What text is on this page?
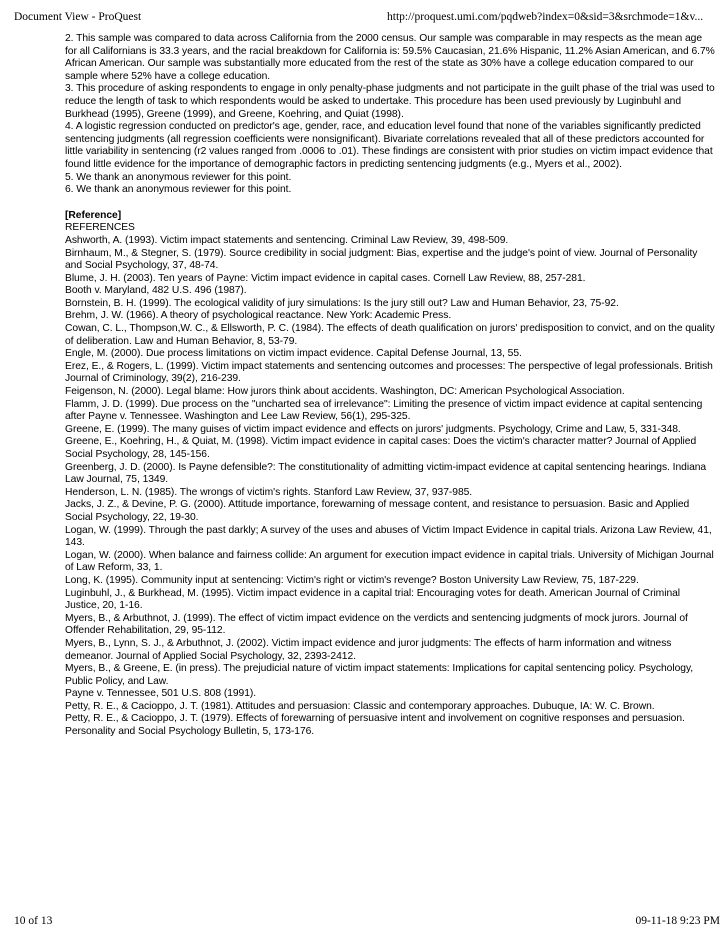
Document View - ProQuest	http://proquest.umi.com/pqdweb?index=0&sid=3&srchmode=1&v...

2. This sample was compared to data across California from the 2000 census. Our sample was comparable in may respects as the mean age for all Californians is 33.3 years, and the racial breakdown for California is: 59.5% Caucasian, 21.6% Hispanic, 11.2% Asian American, and 6.7% African American. Our sample was substantially more educated from the rest of the state as 30% have a college education compared to our sample where 52% have a college education.

3. This procedure of asking respondents to engage in only penalty-phase judgments and not participate in the guilt phase of the trial was used to reduce the length of task to which respondents would be asked to undertake. This procedure has been used previously by Luginbuhl and Burkhead (1995), Greene (1999), and Greene, Koehring, and Quiat (1998).

4. A logistic regression conducted on predictor's age, gender, race, and education level found that none of the variables significantly predicted sentencing judgments (all regression coefficients were nonsignificant). Bivariate correlations revealed that all of these predictors accounted for little variability in sentencing (r2 values ranged from .0006 to .01). These findings are consistent with prior studies on victim impact evidence that found little evidence for the importance of demographic factors in predicting sentencing judgments (e.g., Myers et al., 2002).

5. We thank an anonymous reviewer for this point.

6. We thank an anonymous reviewer for this point.

[Reference]

REFERENCES

Ashworth, A. (1993). Victim impact statements and sentencing. Criminal Law Review, 39, 498-509.

Birnhaum, M., & Stegner, S. (1979). Source credibility in social judgment: Bias, expertise and the judge's point of view. Journal of Personality and Social Psychology, 37, 48-74.

Blume, J. H. (2003). Ten years of Payne: Victim impact evidence in capital cases. Cornell Law Review, 88, 257-281.

Booth v. Maryland, 482 U.S. 496 (1987).

Bornstein, B. H. (1999). The ecological validity of jury simulations: Is the jury still out? Law and Human Behavior, 23, 75-92.

Brehm, J. W. (1966). A theory of psychological reactance. New York: Academic Press.

Cowan, C. L., Thompson,W. C., & Ellsworth, P. C. (1984). The effects of death qualification on jurors' predisposition to convict, and on the quality of deliberation. Law and Human Behavior, 8, 53-79.

Engle, M. (2000). Due process limitations on victim impact evidence. Capital Defense Journal, 13, 55.

Erez, E., & Rogers, L. (1999). Victim impact statements and sentencing outcomes and processes: The perspective of legal professionals. British Journal of Criminology, 39(2), 216-239.

Feigenson, N. (2000). Legal blame: How jurors think about accidents. Washington, DC: American Psychological Association.

Flamm, J. D. (1999). Due process on the "uncharted sea of irrelevance": Limiting the presence of victim impact evidence at capital sentencing after Payne v. Tennessee. Washington and Lee Law Review, 56(1), 295-325.

Greene, E. (1999). The many guises of victim impact evidence and effects on jurors' judgments. Psychology, Crime and Law, 5, 331-348.

Greene, E., Koehring, H., & Quiat, M. (1998). Victim impact evidence in capital cases: Does the victim's character matter? Journal of Applied Social Psychology, 28, 145-156.

Greenberg, J. D. (2000). Is Payne defensible?: The constitutionality of admitting victim-impact evidence at capital sentencing hearings. Indiana Law Journal, 75, 1349.

Henderson, L. N. (1985). The wrongs of victim's rights. Stanford Law Review, 37, 937-985.

Jacks, J. Z., & Devine, P. G. (2000). Attitude importance, forewarning of message content, and resistance to persuasion. Basic and Applied Social Psychology, 22, 19-30.

Logan, W. (1999). Through the past darkly; A survey of the uses and abuses of Victim Impact Evidence in capital trials. Arizona Law Review, 41, 143.

Logan, W. (2000). When balance and fairness collide: An argument for execution impact evidence in capital trials. University of Michigan Journal of Law Reform, 33, 1.

Long, K. (1995). Community input at sentencing: Victim's right or victim's revenge? Boston University Law Review, 75, 187-229.

Luginbuhl, J., & Burkhead, M. (1995). Victim impact evidence in a capital trial: Encouraging votes for death. American Journal of Criminal Justice, 20, 1-16.

Myers, B., & Arbuthnot, J. (1999). The effect of victim impact evidence on the verdicts and sentencing judgments of mock jurors. Journal of Offender Rehabilitation, 29, 95-112.

Myers, B., Lynn, S. J., & Arbuthnot, J. (2002). Victim impact evidence and juror judgments: The effects of harm information and witness demeanor. Journal of Applied Social Psychology, 32, 2393-2412.

Myers, B., & Greene, E. (in press). The prejudicial nature of victim impact statements: Implications for capital sentencing policy. Psychology, Public Policy, and Law.

Payne v. Tennessee, 501 U.S. 808 (1991).

Petty, R. E., & Cacioppo, J. T. (1981). Attitudes and persuasion: Classic and contemporary approaches. Dubuque, IA: W. C. Brown.

Petty, R. E., & Cacioppo, J. T. (1979). Effects of forewarning of persuasive intent and involvement on cognitive responses and persuasion. Personality and Social Psychology Bulletin, 5, 173-176.

10 of 13	09-11-18 9:23 PM
